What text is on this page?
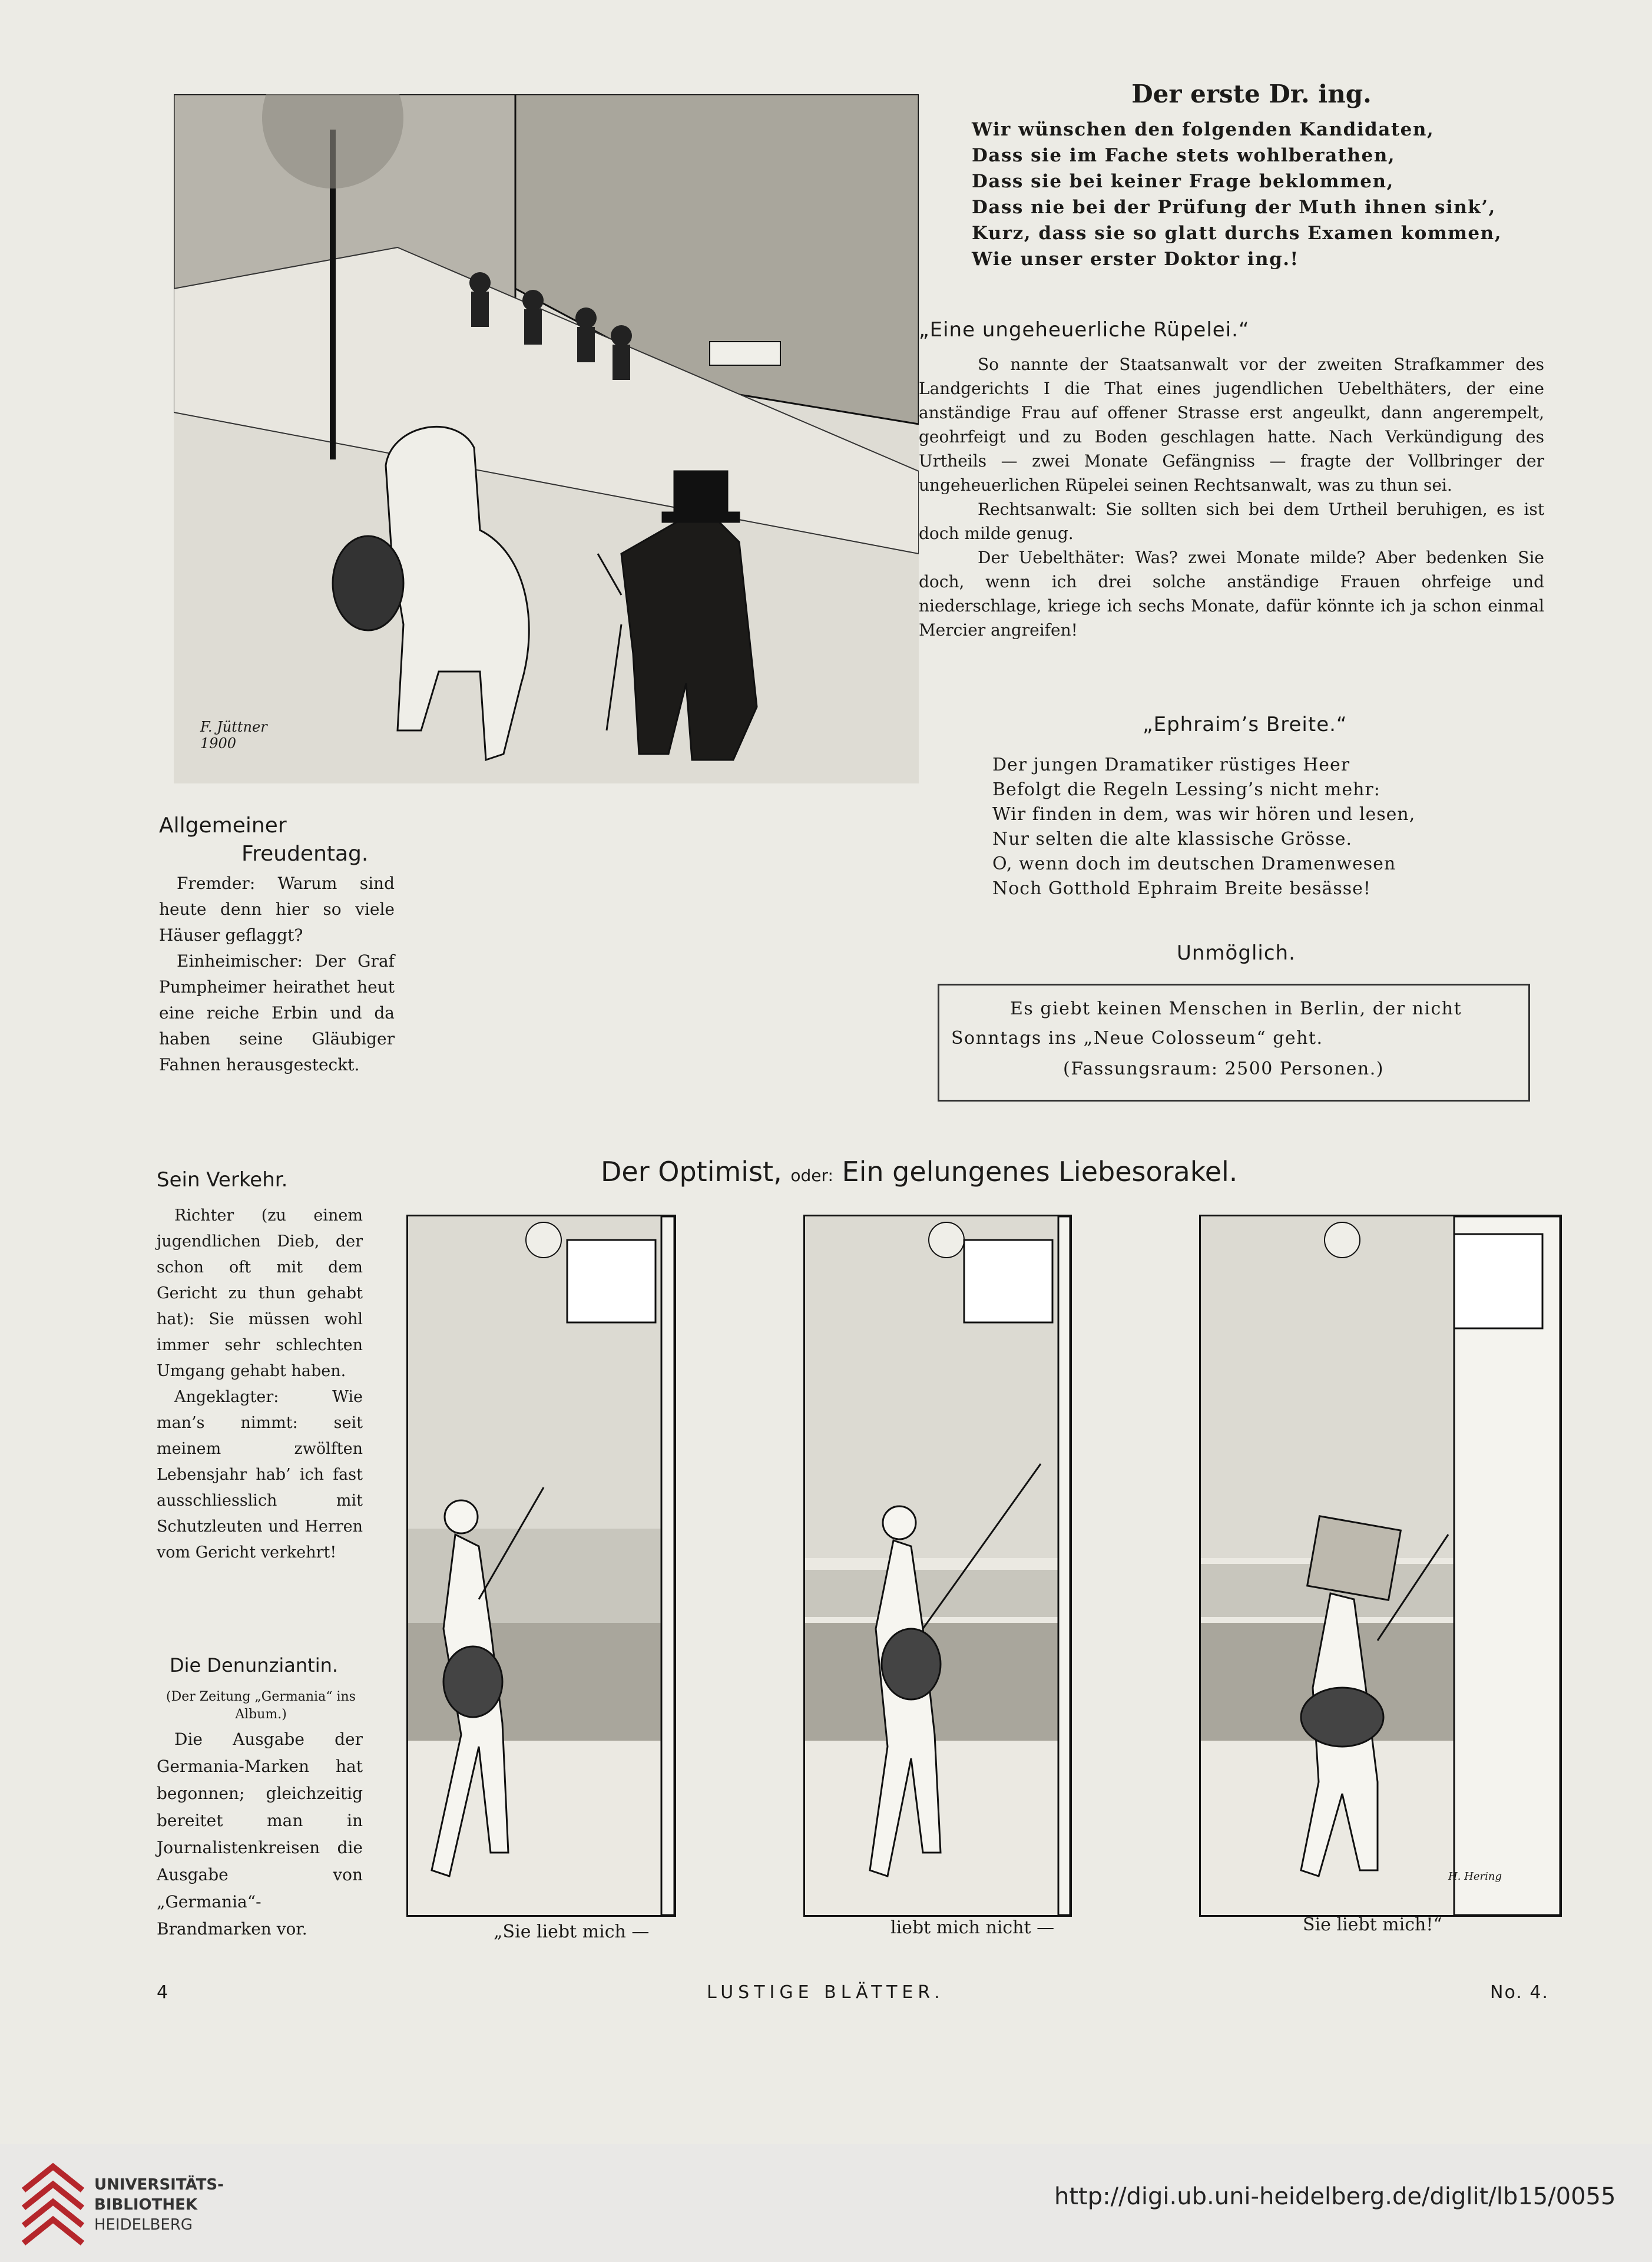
F. Jüttner 1900
Der erste Dr. ing.
Wir wünschen den folgenden Kandidaten,
Dass sie im Fache stets wohlberathen,
Dass sie bei keiner Frage beklommen,
Dass nie bei der Prüfung der Muth ihnen sink’,
Kurz, dass sie so glatt durchs Examen kommen,
Wie unser erster Doktor ing.!
„Eine ungeheuerliche Rüpelei.“

So nannte der Staatsanwalt vor der zweiten Strafkammer des Landgerichts I die That eines jugendlichen Uebelthäters, der eine anständige Frau auf offener Strasse erst angeulkt, dann angerempelt, geohrfeigt und zu Boden geschlagen hatte. Nach Verkündigung des Urtheils — zwei Monate Gefängniss — fragte der Vollbringer der ungeheuerlichen Rüpelei seinen Rechtsanwalt, was zu thun sei.

Rechtsanwalt: Sie sollten sich bei dem Urtheil beruhigen, es ist doch milde genug.

Der Uebelthäter: Was? zwei Monate milde? Aber bedenken Sie doch, wenn ich drei solche anständige Frauen ohrfeige und niederschlage, kriege ich sechs Monate, dafür könnte ich ja schon einmal Mercier angreifen!

„Ephraim’s Breite.“
Der jungen Dramatiker rüstiges Heer
Befolgt die Regeln Lessing’s nicht mehr:
Wir finden in dem, was wir hören und lesen,
Nur selten die alte klassische Grösse.
O, wenn doch im deutschen Dramenwesen
Noch Gotthold Ephraim Breite besässe!
Unmöglich.
Es giebt keinen Menschen in Berlin, der nicht
Sonntags ins „Neue Colosseum“ geht.
(Fassungsraum: 2500 Personen.)
Allgemeiner
Freudentag.

Fremder: Warum sind heute denn hier so viele Häuser geflaggt?

Einheimischer: Der Graf Pumpheimer heirathet heut eine reiche Erbin und da haben seine Gläubiger Fahnen herausgesteckt.

Der Optimist, oder: Ein gelungenes Liebesorakel.
H. Hering
„Sie liebt mich —	liebt mich nicht —	Sie liebt mich!“
Sein Verkehr.

Richter (zu einem jugendlichen Dieb, der schon oft mit dem Gericht zu thun gehabt hat): Sie müssen wohl immer sehr schlechten Umgang gehabt haben.

Angeklagter: Wie man’s nimmt: seit meinem zwölften Lebensjahr hab’ ich fast ausschliesslich mit Schutzleuten und Herren vom Gericht verkehrt!

Die Denunziantin.
(Der Zeitung „Germania“ ins Album.)

Die Ausgabe der Germania-Marken hat begonnen; gleichzeitig bereitet man in Journalistenkreisen die Ausgabe von „Germania“-Brandmarken vor.

4	LUSTIGE BLÄTTER.	No. 4.
UNIVERSITÄTS-
BIBLIOTHEK
HEIDELBERG
http://digi.ub.uni-heidelberg.de/diglit/lb15/0055
